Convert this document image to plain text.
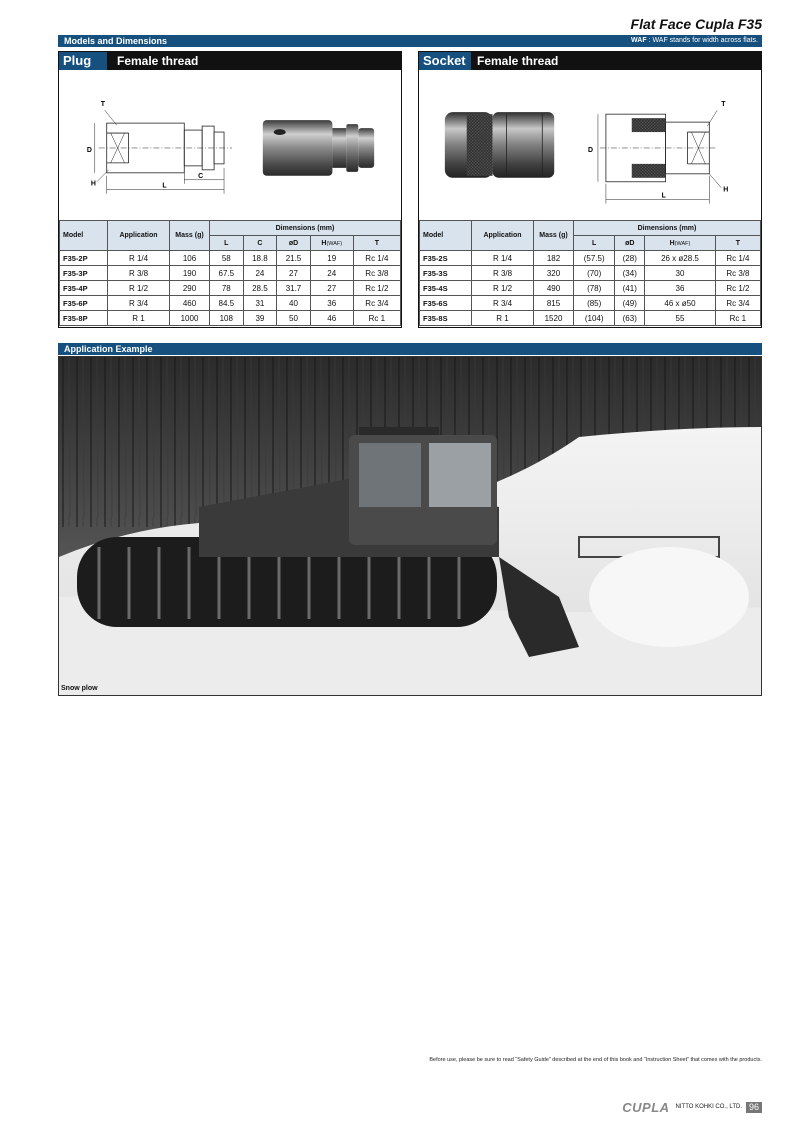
Flat Face Cupla F35
Models and Dimensions	WAF : WAF stands for width across flats.
Plug	Female thread
T
D
H	L
C
Model	Application	Mass (g)	Dimensions (mm)				
			L	C	øD	H(WAF)	T
F35-2P	R 1/4	106	58	18.8	21.5	19	Rc 1/4
F35-3P	R 3/8	190	67.5	24	27	24	Rc 3/8
F35-4P	R 1/2	290	78	28.5	31.7	27	Rc 1/2
F35-6P	R 3/4	460	84.5	31	40	36	Rc 3/4
F35-8P	R 1	1000	108	39	50	46	Rc 1
Socket Female thread
T
D
H
L
Model	Application	Mass (g)	Dimensions (mm)			
			L	øD	H(WAF)	T
F35-2S	R 1/4	182	(57.5)	(28)	26 x ø28.5	Rc 1/4
F35-3S	R 3/8	320	(70)	(34)	30	Rc 3/8
F35-4S	R 1/2	490	(78)	(41)	36	Rc 1/2
F35-6S	R 3/4	815	(85)	(49)	46 x ø50	Rc 3/4
F35-8S	R 1	1520	(104)	(63)	55	Rc 1
Application Example
Snow plow
Before use, please be sure to read “Safety Guide” described at the end of this book and “Instruction Sheet” that comes with the products.
CUPLA NITTO KOHKI CO., LTD. 96
